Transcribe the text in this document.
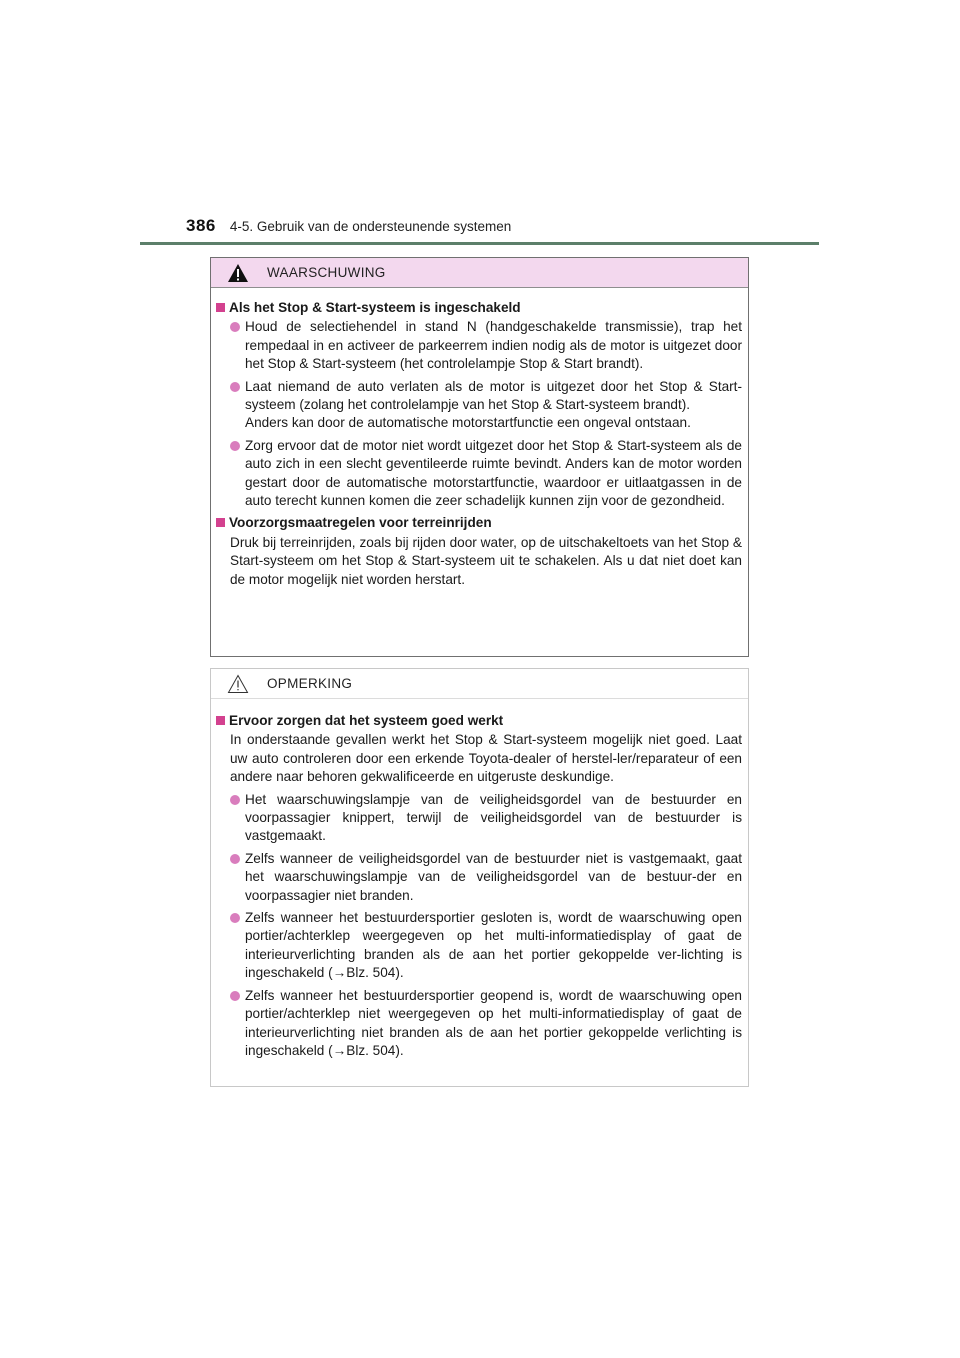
386 4-5. Gebruik van de ondersteunende systemen
WAARSCHUWING
Als het Stop & Start-systeem is ingeschakeld
Houd de selectiehendel in stand N (handgeschakelde transmissie), trap het rempedaal in en activeer de parkeerrem indien nodig als de motor is uitgezet door het Stop & Start-systeem (het controlelampje Stop & Start brandt).
Laat niemand de auto verlaten als de motor is uitgezet door het Stop & Start-systeem (zolang het controlelampje van het Stop & Start-systeem brandt).
Anders kan door de automatische motorstartfunctie een ongeval ontstaan.
Zorg ervoor dat de motor niet wordt uitgezet door het Stop & Start-systeem als de auto zich in een slecht geventileerde ruimte bevindt. Anders kan de motor worden gestart door de automatische motorstartfunctie, waardoor er uitlaatgassen in de auto terecht kunnen komen die zeer schadelijk kunnen zijn voor de gezondheid.
Voorzorgsmaatregelen voor terreinrijden
Druk bij terreinrijden, zoals bij rijden door water, op de uitschakeltoets van het Stop & Start-systeem om het Stop & Start-systeem uit te schakelen. Als u dat niet doet kan de motor mogelijk niet worden herstart.
OPMERKING
Ervoor zorgen dat het systeem goed werkt
In onderstaande gevallen werkt het Stop & Start-systeem mogelijk niet goed. Laat uw auto controleren door een erkende Toyota-dealer of herstel-ler/reparateur of een andere naar behoren gekwalificeerde en uitgeruste deskundige.
Het waarschuwingslampje van de veiligheidsgordel van de bestuurder en voorpassagier knippert, terwijl de veiligheidsgordel van de bestuurder is vastgemaakt.
Zelfs wanneer de veiligheidsgordel van de bestuurder niet is vastgemaakt, gaat het waarschuwingslampje van de veiligheidsgordel van de bestuur-der en voorpassagier niet branden.
Zelfs wanneer het bestuurdersportier gesloten is, wordt de waarschuwing open portier/achterklep weergegeven op het multi-informatiedisplay of gaat de interieurverlichting branden als de aan het portier gekoppelde ver-lichting is ingeschakeld (→Blz. 504).
Zelfs wanneer het bestuurdersportier geopend is, wordt de waarschuwing open portier/achterklep niet weergegeven op het multi-informatiedisplay of gaat de interieurverlichting niet branden als de aan het portier gekoppelde verlichting is ingeschakeld (→Blz. 504).
